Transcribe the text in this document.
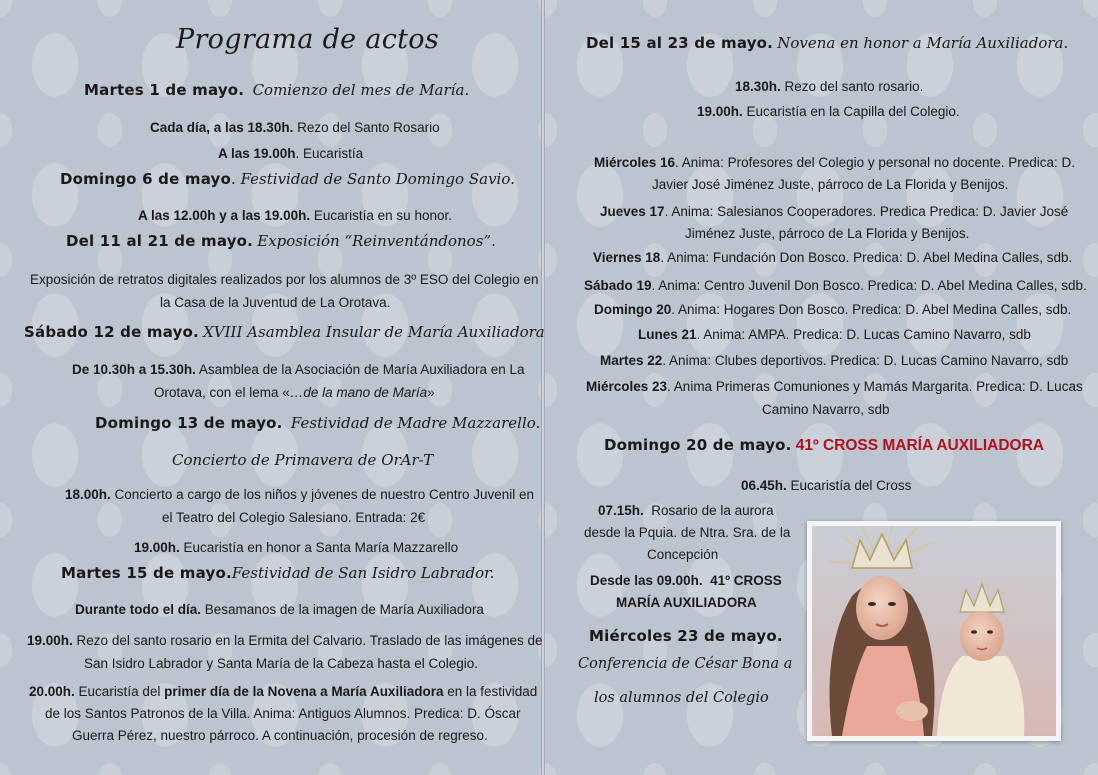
Programa de actos
Martes 1 de mayo. Comienzo del mes de María.
Cada día, a las 18.30h. Rezo del Santo Rosario
A las 19.00h. Eucaristía
Domingo 6 de mayo. Festividad de Santo Domingo Savio.
A las 12.00h y a las 19.00h. Eucaristía en su honor.
Del 11 al 21 de mayo. Exposición “Reinventándonos”.
Exposición de retratos digitales realizados por los alumnos de 3º ESO del Colegio en
la Casa de la Juventud de La Orotava.
Sábado 12 de mayo. XVIII Asamblea Insular de María Auxiliadora
De 10.30h a 15.30h. Asamblea de la Asociación de María Auxiliadora en La
Orotava, con el lema «…de la mano de María»
Domingo 13 de mayo. Festividad de Madre Mazzarello.
Concierto de Primavera de OrAr-T
18.00h. Concierto a cargo de los niños y jóvenes de nuestro Centro Juvenil en
el Teatro del Colegio Salesiano. Entrada: 2€
19.00h. Eucaristía en honor a Santa María Mazzarello
Martes 15 de mayo.Festividad de San Isidro Labrador.
Durante todo el día. Besamanos de la imagen de María Auxiliadora
19.00h. Rezo del santo rosario en la Ermita del Calvario. Traslado de las imágenes de
San Isidro Labrador y Santa María de la Cabeza hasta el Colegio.
20.00h. Eucaristía del primer día de la Novena a María Auxiliadora en la festividad
de los Santos Patronos de la Villa. Anima: Antiguos Alumnos. Predica: D. Óscar
Guerra Pérez, nuestro párroco. A continuación, procesión de regreso.
Del 15 al 23 de mayo. Novena en honor a María Auxiliadora.
18.30h. Rezo del santo rosario.
19.00h. Eucaristía en la Capilla del Colegio.
Miércoles 16. Anima: Profesores del Colegio y personal no docente. Predica: D.
Javier José Jiménez Juste, párroco de La Florida y Benijos.
Jueves 17. Anima: Salesianos Cooperadores. Predica Predica: D. Javier José
Jiménez Juste, párroco de La Florida y Benijos.
Viernes 18. Anima: Fundación Don Bosco. Predica: D. Abel Medina Calles, sdb.
Sábado 19. Anima: Centro Juvenil Don Bosco. Predica: D. Abel Medina Calles, sdb.
Domingo 20. Anima: Hogares Don Bosco. Predica: D. Abel Medina Calles, sdb.
Lunes 21. Anima: AMPA. Predica: D. Lucas Camino Navarro, sdb
Martes 22. Anima: Clubes deportivos. Predica: D. Lucas Camino Navarro, sdb
Miércoles 23. Anima Primeras Comuniones y Mamás Margarita. Predica: D. Lucas
Camino Navarro, sdb
Domingo 20 de mayo. 41º CROSS MARÍA AUXILIADORA
06.45h. Eucaristía del Cross
07.15h. Rosario de la aurora
desde la Pquia. de Ntra. Sra. de la
Concepción
Desde las 09.00h. 41º CROSS
MARÍA AUXILIADORA
Miércoles 23 de mayo.
Conferencia de César Bona a
los alumnos del Colegio
